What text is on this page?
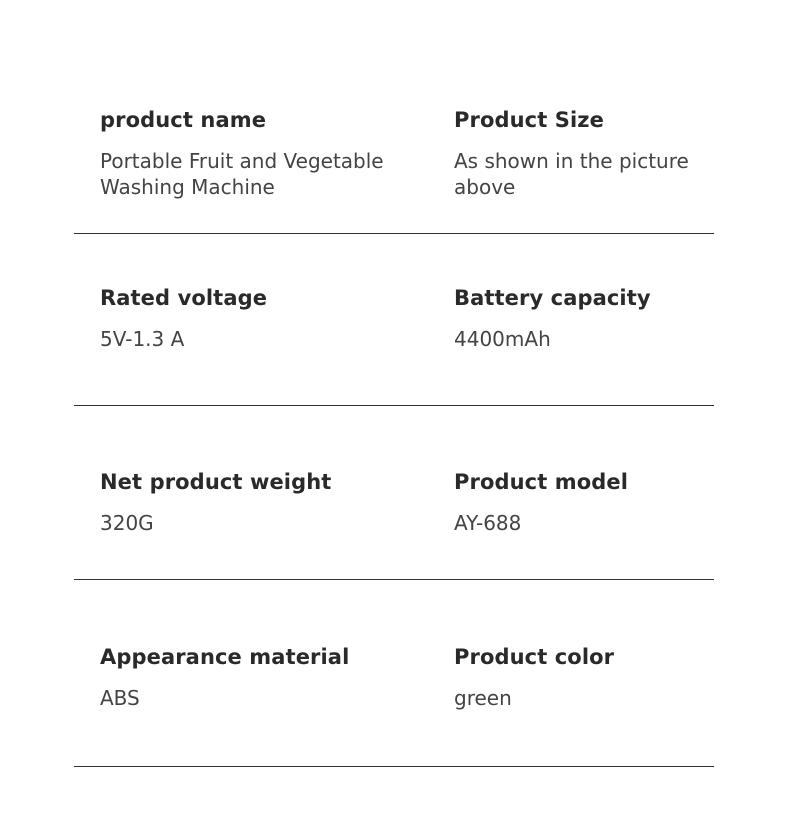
product name
Portable Fruit and Vegetable Washing Machine
Product Size
As shown in the picture above
Rated voltage
5V-1.3 A
Battery capacity
4400mAh
Net product weight
320G
Product model
AY-688
Appearance material
ABS
Product color
green
